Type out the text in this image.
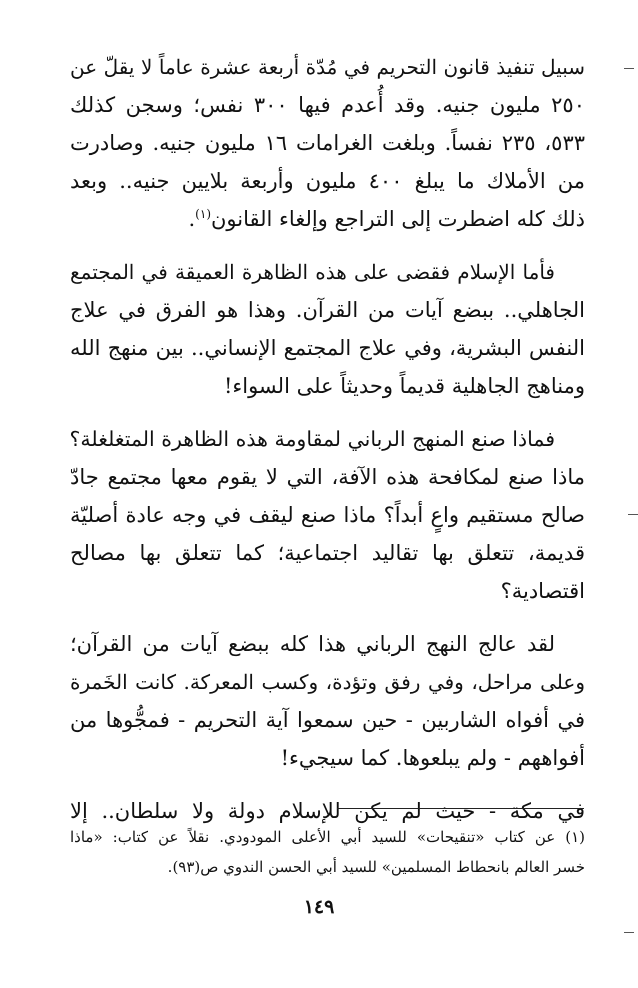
سبيل تنفيذ قانون التحريم في مُدّة أربعة عشرة عاماً لا يقلّ عن
٢٥٠ مليون جنيه. وقد أُعدم فيها ٣٠٠ نفس؛ وسجن كذلك
٥٣٣، ٢٣٥ نفساً. وبلغت الغرامات ١٦ مليون جنيه. وصادرت
من الأملاك ما يبلغ ٤٠٠ مليون وأربعة بلايين جنيه.. وبعد
ذلك كله اضطرت إلى التراجع وإلغاء القانون$^{(١)}$.
فأما الإسلام فقضى على هذه الظاهرة العميقة في المجتمع
الجاهلي.. ببضع آيات من القرآن. وهذا هو الفرق في علاج
النفس البشرية، وفي علاج المجتمع الإنساني.. بين منهج الله
ومناهج الجاهلية قديماً وحديثاً على السواء!
فماذا صنع المنهج الرباني لمقاومة هذه الظاهرة المتغلغلة؟
ماذا صنع لمكافحة هذه الآفة، التي لا يقوم معها مجتمع جادّ
صالح مستقيم واعٍ أبداً؟ ماذا صنع ليقف في وجه عادة أصليّة
قديمة، تتعلق بها تقاليد اجتماعية؛ كما تتعلق بها مصالح
اقتصادية؟
لقد عالج النهج الرباني هذا كله ببضع آيات من القرآن؛
وعلى مراحل، وفي رفق وتؤدة، وكسب المعركة. كانت الخَمرة
في أفواه الشاربين - حين سمعوا آية التحريم - فمجُّوها من
أفواههم - ولم يبلعوها. كما سيجيء!
في مكة - حيث لم يكن للإسلام دولة ولا سلطان.. إلا
(١) عن كتاب «تنقيحات» للسيد أبي الأعلى المودودي. نقلاً عن كتاب: «ماذا
خسر العالم بانحطاط المسلمين» للسيد أبي الحسن الندوي ص(٩٣).
١٤٩
